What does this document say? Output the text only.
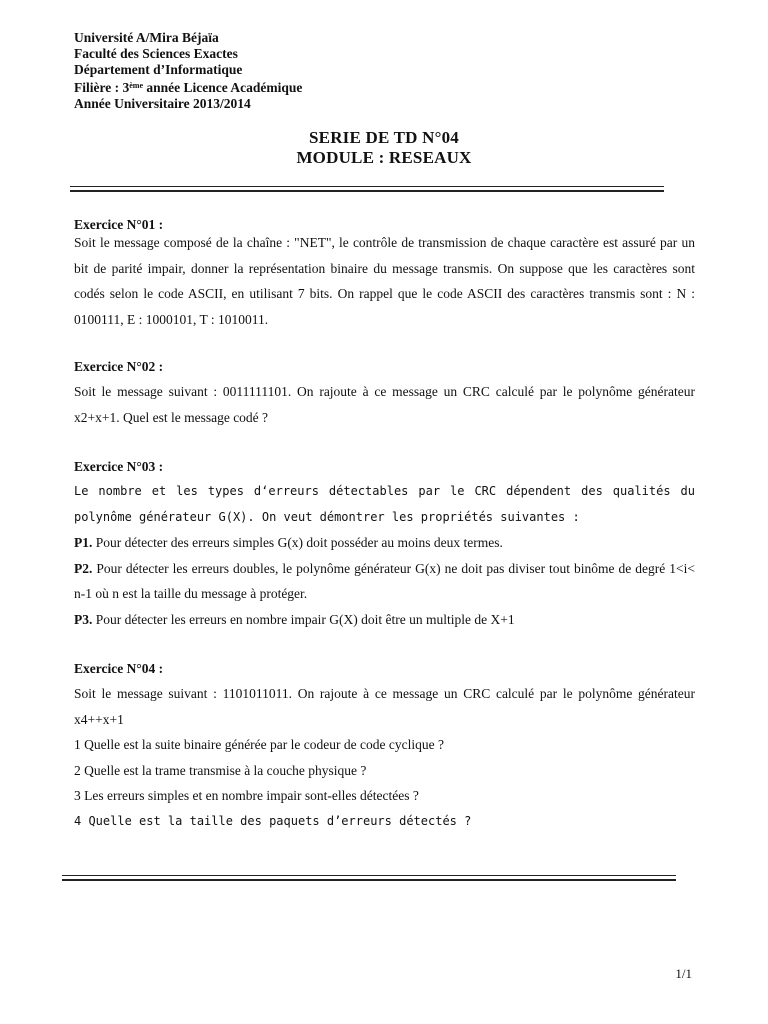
Université A/Mira Béjaïa
Faculté des Sciences Exactes
Département d’Informatique
Filière : 3ème année Licence Académique
Année Universitaire 2013/2014
SERIE DE TD N°04
MODULE : RESEAUX
Exercice N°01 :

Soit le message composé de la chaîne : "NET", le contrôle de transmission de chaque caractère est assuré par un bit de parité impair, donner la représentation binaire du message transmis. On suppose que les caractères sont codés selon le code ASCII, en utilisant 7 bits. On rappel que le code ASCII des caractères transmis sont : N : 0100111, E : 1000101, T : 1010011.

Exercice N°02 :

Soit le message suivant : 0011111101. On rajoute à ce message un CRC calculé par le polynôme générateur x2+x+1. Quel est le message codé ?

Exercice N°03 :

Le nombre et les types d‘erreurs détectables par le CRC dépendent des qualités du polynôme générateur G(X). On veut démontrer les propriétés suivantes :

P1. Pour détecter des erreurs simples G(x) doit posséder au moins deux termes.

P2. Pour détecter les erreurs doubles, le polynôme générateur G(x) ne doit pas diviser tout binôme de degré 1<i< n-1 où n est la taille du message à protéger.

P3. Pour détecter les erreurs en nombre impair G(X) doit être un multiple de X+1

Exercice N°04 :

Soit le message suivant : 1101011011. On rajoute à ce message un CRC calculé par le polynôme générateur x4++x+1

1 Quelle est la suite binaire générée par le codeur de code cyclique ?

2 Quelle est la trame transmise à la couche physique ?

3 Les erreurs simples et en nombre impair sont-elles détectées ?

4 Quelle est la taille des paquets d’erreurs détectés ?

1/1
